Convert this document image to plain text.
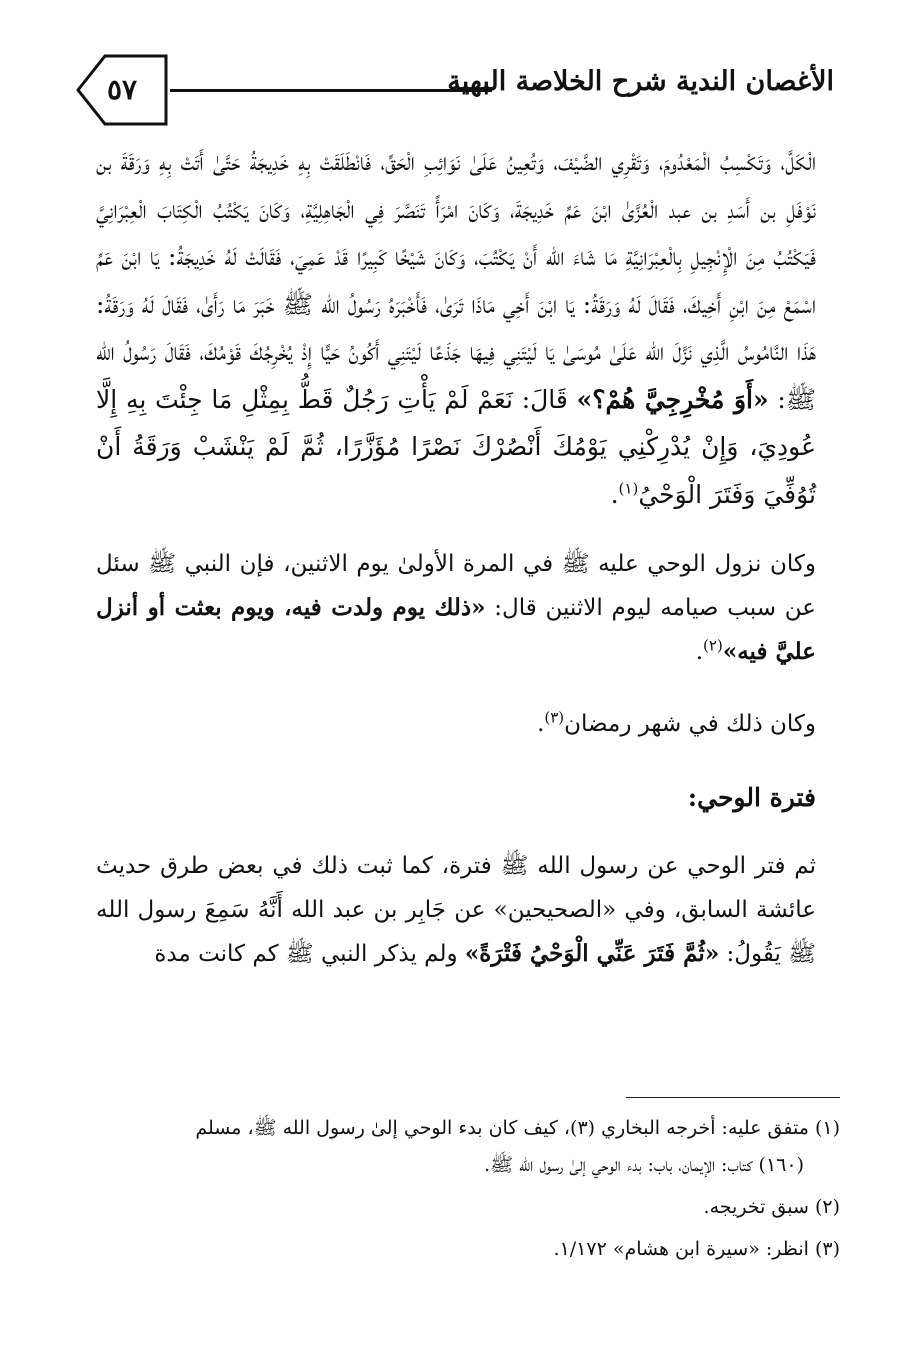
٥٧	الأغصان الندية شرح الخلاصة البهية

الْكَلَّ، وَتَكْسِبُ الْمَعْدُومَ، وَتَقْرِي الضَّيْفَ، وَتُعِينُ عَلَىٰ نَوَائِبِ الْحَقِّ، فَانْطَلَقَتْ بِهِ خَدِيجَةُ حَتَّىٰ أَتَتْ بِهِ وَرَقَةَ بن نَوْفَلِ بن أَسَدِ بن عبد الْعُزَّىٰ ابْنَ عَمِّ خَدِيجَةَ، وَكَانَ امْرَأً تَنَصَّرَ فِي الْجَاهِلِيَّةِ، وَكَانَ يَكْتُبُ الْكِتَابَ الْعِبْرَانِيَّ فَيَكْتُبُ مِنَ الْإِنْجِيلِ بِالْعِبْرَانِيَّةِ مَا شَاءَ الله أَنْ يَكْتُبَ، وَكَانَ شَيْخًا كَبِيرًا قَدْ عَمِيَ، فَقَالَتْ لَهُ خَدِيجَةُ: يَا ابْنَ عَمِّ اسْمَعْ مِنَ ابْنِ أَخِيكَ، فَقَالَ لَهُ وَرَقَةُ: يَا ابْنَ أَخِي مَاذَا تَرَىٰ، فَأَخْبَرَهُ رَسُولُ الله ﷺ خَبَرَ مَا رَأَىٰ، فَقَالَ لَهُ وَرَقَةُ: هَذَا النَّامُوسُ الَّذِي نَزَّلَ الله عَلَىٰ مُوسَىٰ يَا لَيْتَنِي فِيهَا جَذَعًا لَيْتَنِي أَكُونُ حَيًّا إِذْ يُخْرِجُكَ قَوْمُكَ، فَقَالَ رَسُولُ الله ﷺ: «أَوَ مُخْرِجِيَّ هُمْ؟» قَالَ: نَعَمْ لَمْ يَأْتِ رَجُلٌ قَطُّ بِمِثْلِ مَا جِئْتَ بِهِ إِلَّا عُودِيَ، وَإِنْ يُدْرِكْنِي يَوْمُكَ أَنْصُرْكَ نَصْرًا مُؤَزَّرًا، ثُمَّ لَمْ يَنْشَبْ وَرَقَةُ أَنْ تُوُفِّيَ وَفَتَرَ الْوَحْيُ$^{(١)}$.

وكان نزول الوحي عليه ﷺ في المرة الأولىٰ يوم الاثنين، فإن النبي ﷺ سئل عن سبب صيامه ليوم الاثنين قال: «ذلك يوم ولدت فيه، ويوم بعثت أو أنزل عليَّ فيه»$^{(٢)}$.

وكان ذلك في شهر رمضان$^{(٣)}$.

فترة الوحي:

ثم فتر الوحي عن رسول الله ﷺ فترة، كما ثبت ذلك في بعض طرق حديث عائشة السابق، وفي «الصحيحين» عن جَابِر بن عبد الله أَنَّهُ سَمِعَ رسول الله ﷺ يَقُولُ: «ثُمَّ فَتَرَ عَنِّي الْوَحْيُ فَتْرَةً» ولم يذكر النبي ﷺ كم كانت مدة

(١) متفق عليه: أخرجه البخاري (٣)، كيف كان بدء الوحي إلىٰ رسول الله ﷺ، مسلم
(١٦٠) كتاب: الإيمان، باب: بدء الوحي إلىٰ رسول الله ﷺ.

(٢) سبق تخريجه.

(٣) انظر: «سيرة ابن هشام» ١/١٧٢.
